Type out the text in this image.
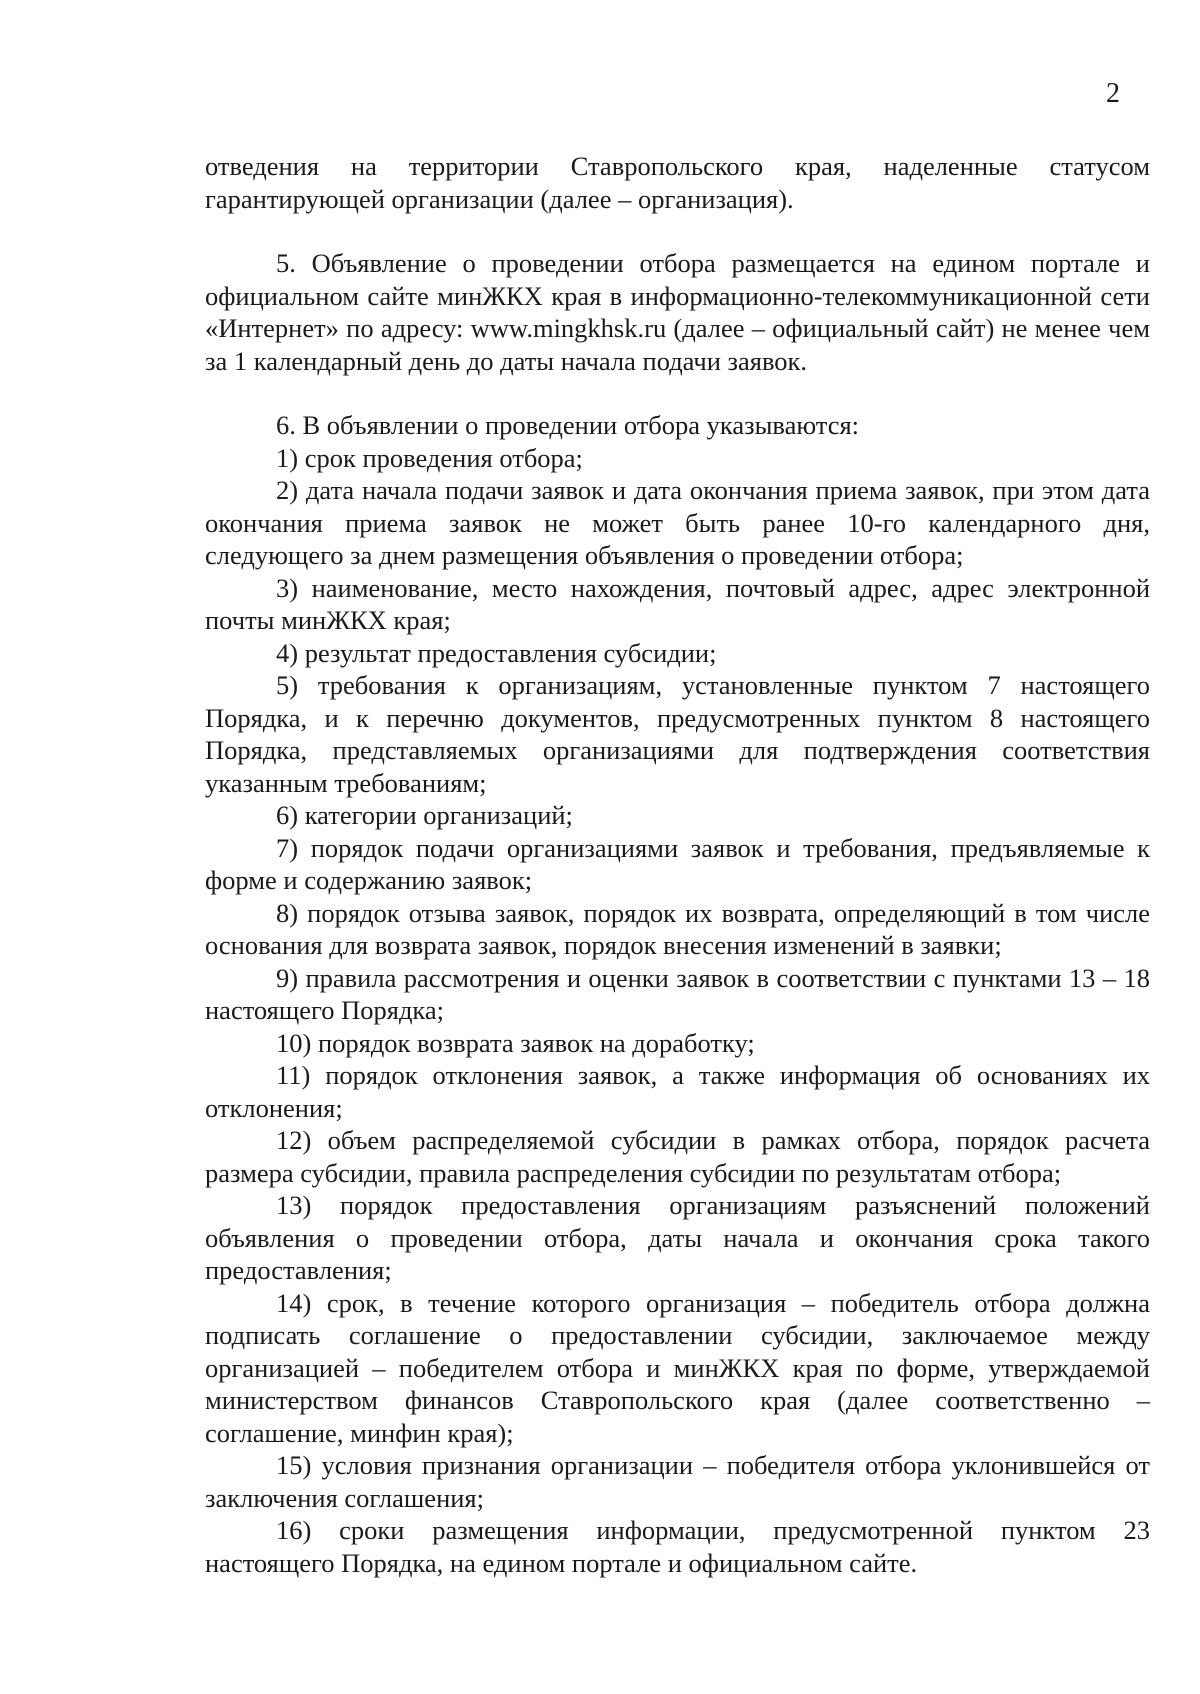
2

отведения на территории Ставропольского края, наделенные статусом гарантирующей организации (далее – организация).

5. Объявление о проведении отбора размещается на едином портале и официальном сайте минЖКХ края в информационно-телекоммуникационной сети «Интернет» по адресу: www.mingkhsk.ru (далее – официальный сайт) не менее чем за 1 календарный день до даты начала подачи заявок.

6. В объявлении о проведении отбора указываются:

1) срок проведения отбора;

2) дата начала подачи заявок и дата окончания приема заявок, при этом дата окончания приема заявок не может быть ранее 10-го календарного дня, следующего за днем размещения объявления о проведении отбора;

3) наименование, место нахождения, почтовый адрес, адрес электронной почты минЖКХ края;

4) результат предоставления субсидии;

5) требования к организациям, установленные пунктом 7 настоящего Порядка, и к перечню документов, предусмотренных пунктом 8 настоящего Порядка, представляемых организациями для подтверждения соответствия указанным требованиям;

6) категории организаций;

7) порядок подачи организациями заявок и требования, предъявляемые к форме и содержанию заявок;

8) порядок отзыва заявок, порядок их возврата, определяющий в том числе основания для возврата заявок, порядок внесения изменений в заявки;

9) правила рассмотрения и оценки заявок в соответствии с пунктами 13 – 18 настоящего Порядка;

10) порядок возврата заявок на доработку;

11) порядок отклонения заявок, а также информация об основаниях их отклонения;

12) объем распределяемой субсидии в рамках отбора, порядок расчета размера субсидии, правила распределения субсидии по результатам отбора;

13) порядок предоставления организациям разъяснений положений объявления о проведении отбора, даты начала и окончания срока такого предоставления;

14) срок, в течение которого организация – победитель отбора должна подписать соглашение о предоставлении субсидии, заключаемое между организацией – победителем отбора и минЖКХ края по форме, утверждаемой министерством финансов Ставропольского края (далее соответственно – соглашение, минфин края);

15) условия признания организации – победителя отбора уклонившейся от заключения соглашения;

16) сроки размещения информации, предусмотренной пунктом 23 настоящего Порядка, на едином портале и официальном сайте.
